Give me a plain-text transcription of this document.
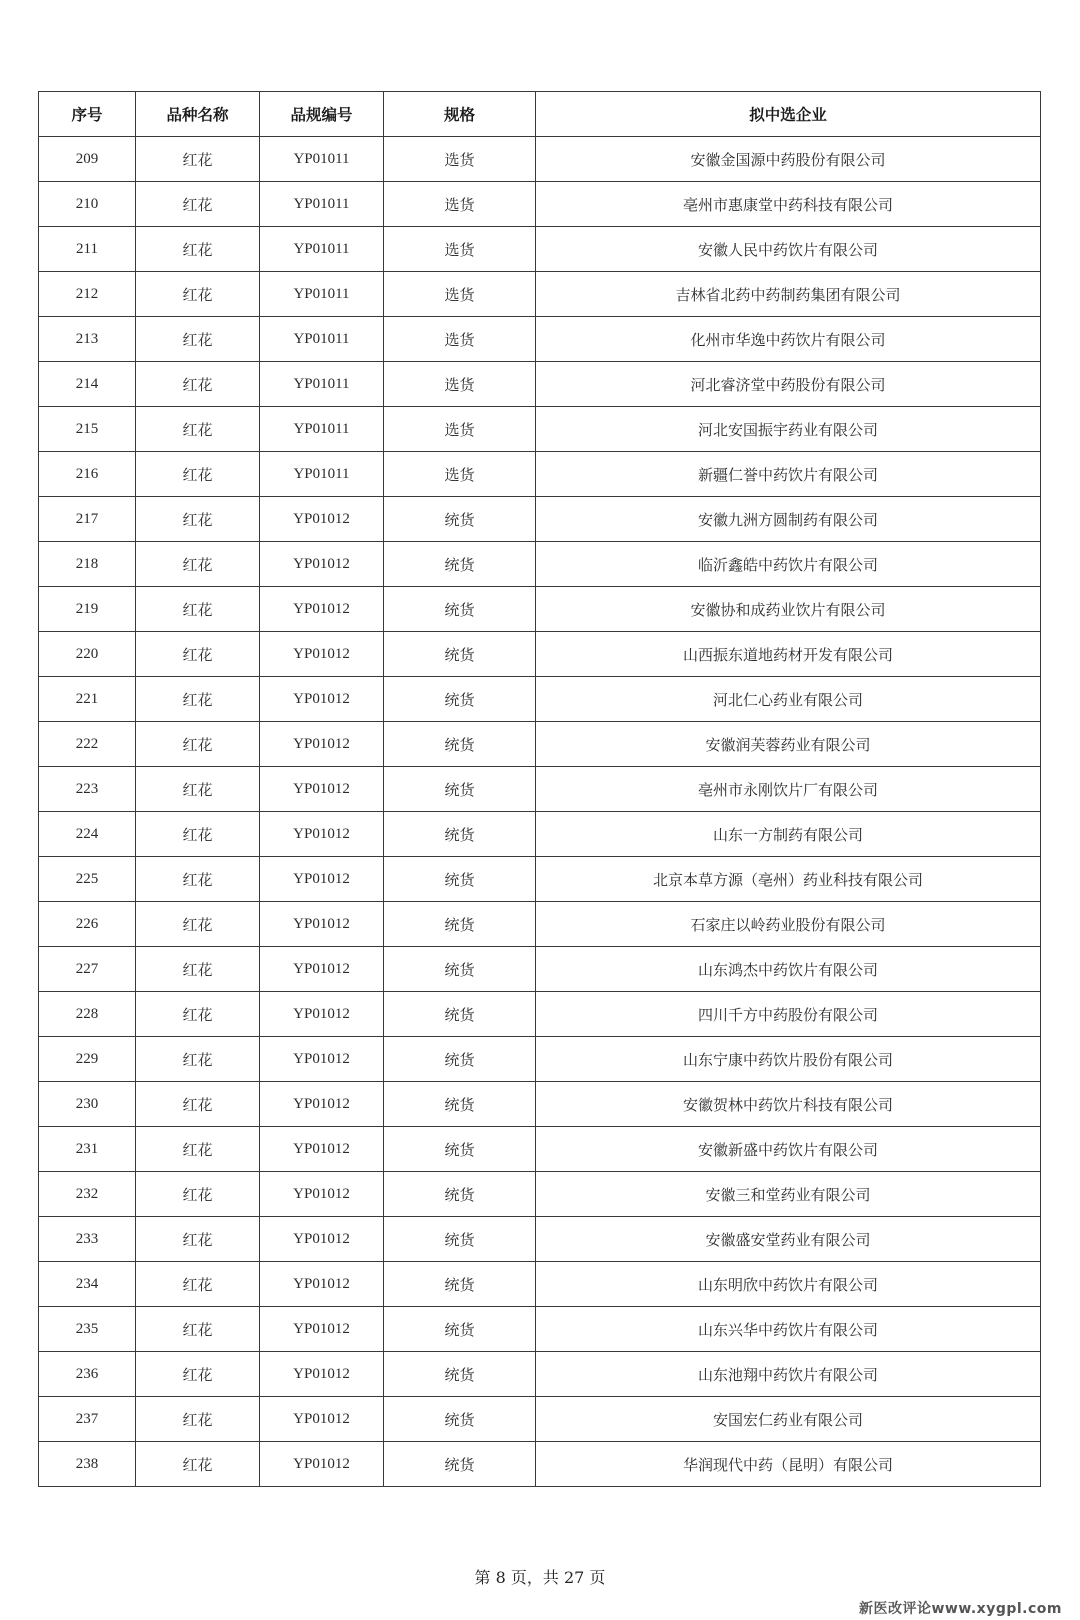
序号	品种名称	品规编号	规格	拟中选企业
209	红花	YP01011	选货	安徽金国源中药股份有限公司
210	红花	YP01011	选货	亳州市惠康堂中药科技有限公司
211	红花	YP01011	选货	安徽人民中药饮片有限公司
212	红花	YP01011	选货	吉林省北药中药制药集团有限公司
213	红花	YP01011	选货	化州市华逸中药饮片有限公司
214	红花	YP01011	选货	河北睿济堂中药股份有限公司
215	红花	YP01011	选货	河北安国振宇药业有限公司
216	红花	YP01011	选货	新疆仁誉中药饮片有限公司
217	红花	YP01012	统货	安徽九洲方圆制药有限公司
218	红花	YP01012	统货	临沂鑫皓中药饮片有限公司
219	红花	YP01012	统货	安徽协和成药业饮片有限公司
220	红花	YP01012	统货	山西振东道地药材开发有限公司
221	红花	YP01012	统货	河北仁心药业有限公司
222	红花	YP01012	统货	安徽润芙蓉药业有限公司
223	红花	YP01012	统货	亳州市永刚饮片厂有限公司
224	红花	YP01012	统货	山东一方制药有限公司
225	红花	YP01012	统货	北京本草方源（亳州）药业科技有限公司
226	红花	YP01012	统货	石家庄以岭药业股份有限公司
227	红花	YP01012	统货	山东鸿杰中药饮片有限公司
228	红花	YP01012	统货	四川千方中药股份有限公司
229	红花	YP01012	统货	山东宁康中药饮片股份有限公司
230	红花	YP01012	统货	安徽贺林中药饮片科技有限公司
231	红花	YP01012	统货	安徽新盛中药饮片有限公司
232	红花	YP01012	统货	安徽三和堂药业有限公司
233	红花	YP01012	统货	安徽盛安堂药业有限公司
234	红花	YP01012	统货	山东明欣中药饮片有限公司
235	红花	YP01012	统货	山东兴华中药饮片有限公司
236	红花	YP01012	统货	山东池翔中药饮片有限公司
237	红花	YP01012	统货	安国宏仁药业有限公司
238	红花	YP01012	统货	华润现代中药（昆明）有限公司
第 8 页，共 27 页
新医改评论www.xygpl.com
